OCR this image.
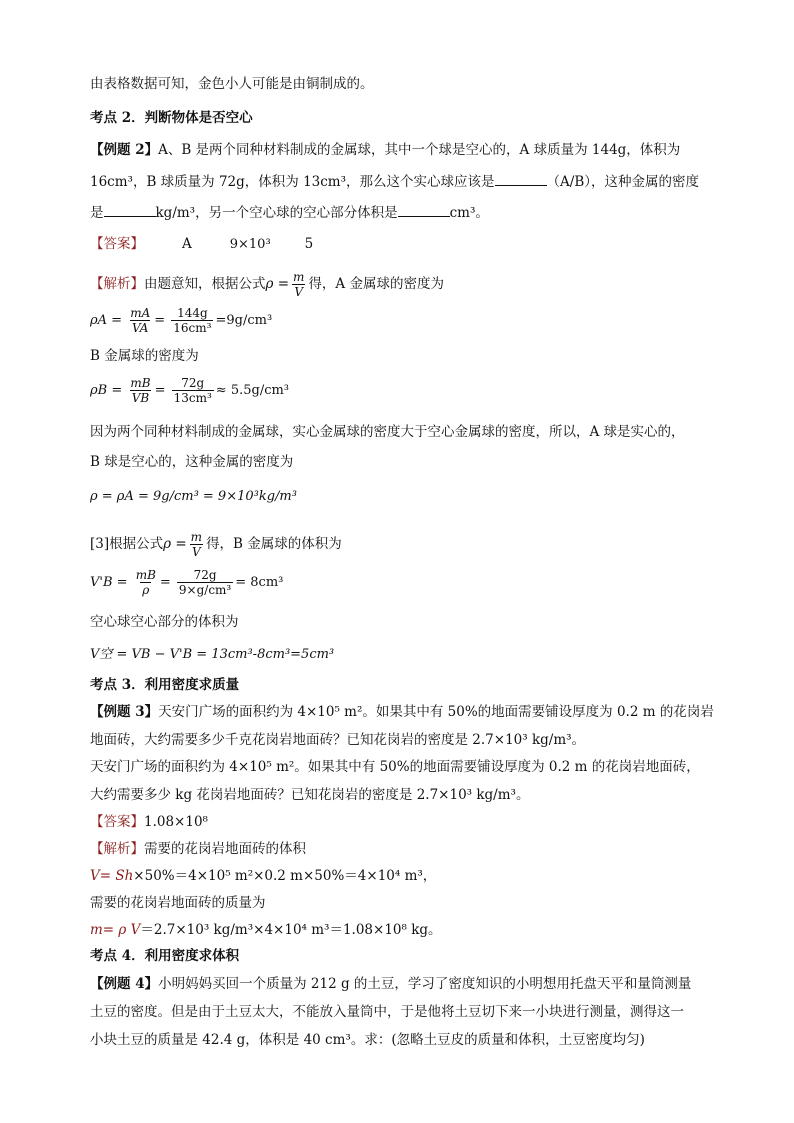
由表格数据可知，金色小人可能是由铜制成的。
考点 2．判断物体是否空心
【例题 2】A、B 是两个同种材料制成的金属球，其中一个球是空心的，A 球质量为 144g，体积为
16cm³，B 球质量为 72g，体积为 13cm³，那么这个实心球应该是	（A/B），这种金属的密度
是	kg/m³，另一个空心球的空心部分体积是	cm³。
【答案】	A	9×10³	5
【解析】由题意知，根据公式$\rho = \frac{m}{V}$ 得，A 金属球的密度为
$\rho A = \frac{mA}{VA} = \frac{144g}{\text{16cm³}} =9g/cm^3$
B 金属球的密度为
$\rho B = \frac{mB}{VB} = \frac{72g}{\text{13cm³}} \approx 5.5g/cm^3$
因为两个同种材料制成的金属球，实心金属球的密度大于空心金属球的密度，所以，A 球是实心的，
B 球是空心的，这种金属的密度为
ρ = ρA = 9g/cm³ = 9×10³kg/m³
[3]根据公式$\rho = \frac{m}{V}$ 得，B 金属球的体积为
$V'B = \frac{mB}{\rho} = \frac{72g}{\text{9×g/cm³}} = 8cm^3$
空心球空心部分的体积为
V空 = VB − V'B = 13cm³-8cm³=5cm³
考点 3．利用密度求质量
【例题 3】天安门广场的面积约为 4×10⁵ m²。如果其中有 50%的地面需要铺设厚度为 0.2 m 的花岗岩
地面砖，大约需要多少千克花岗岩地面砖？已知花岗岩的密度是 2.7×10³ kg/m³。
天安门广场的面积约为 4×10⁵ m²。如果其中有 50%的地面需要铺设厚度为 0.2 m 的花岗岩地面砖，
大约需要多少 kg 花岗岩地面砖？已知花岗岩的密度是 2.7×10³ kg/m³。
【答案】1.08×10⁸
【解析】需要的花岗岩地面砖的体积
V= Sh×50%＝4×10⁵ m²×0.2 m×50%＝4×10⁴ m³，
需要的花岗岩地面砖的质量为
m= ρ V＝2.7×10³ kg/m³×4×10⁴ m³＝1.08×10⁸ kg。
考点 4．利用密度求体积
【例题 4】小明妈妈买回一个质量为 212 g 的土豆，学习了密度知识的小明想用托盘天平和量筒测量
土豆的密度。但是由于土豆太大，不能放入量筒中，于是他将土豆切下来一小块进行测量，测得这一
小块土豆的质量是 42.4 g，体积是 40 cm³。求：(忽略土豆皮的质量和体积，土豆密度均匀)
